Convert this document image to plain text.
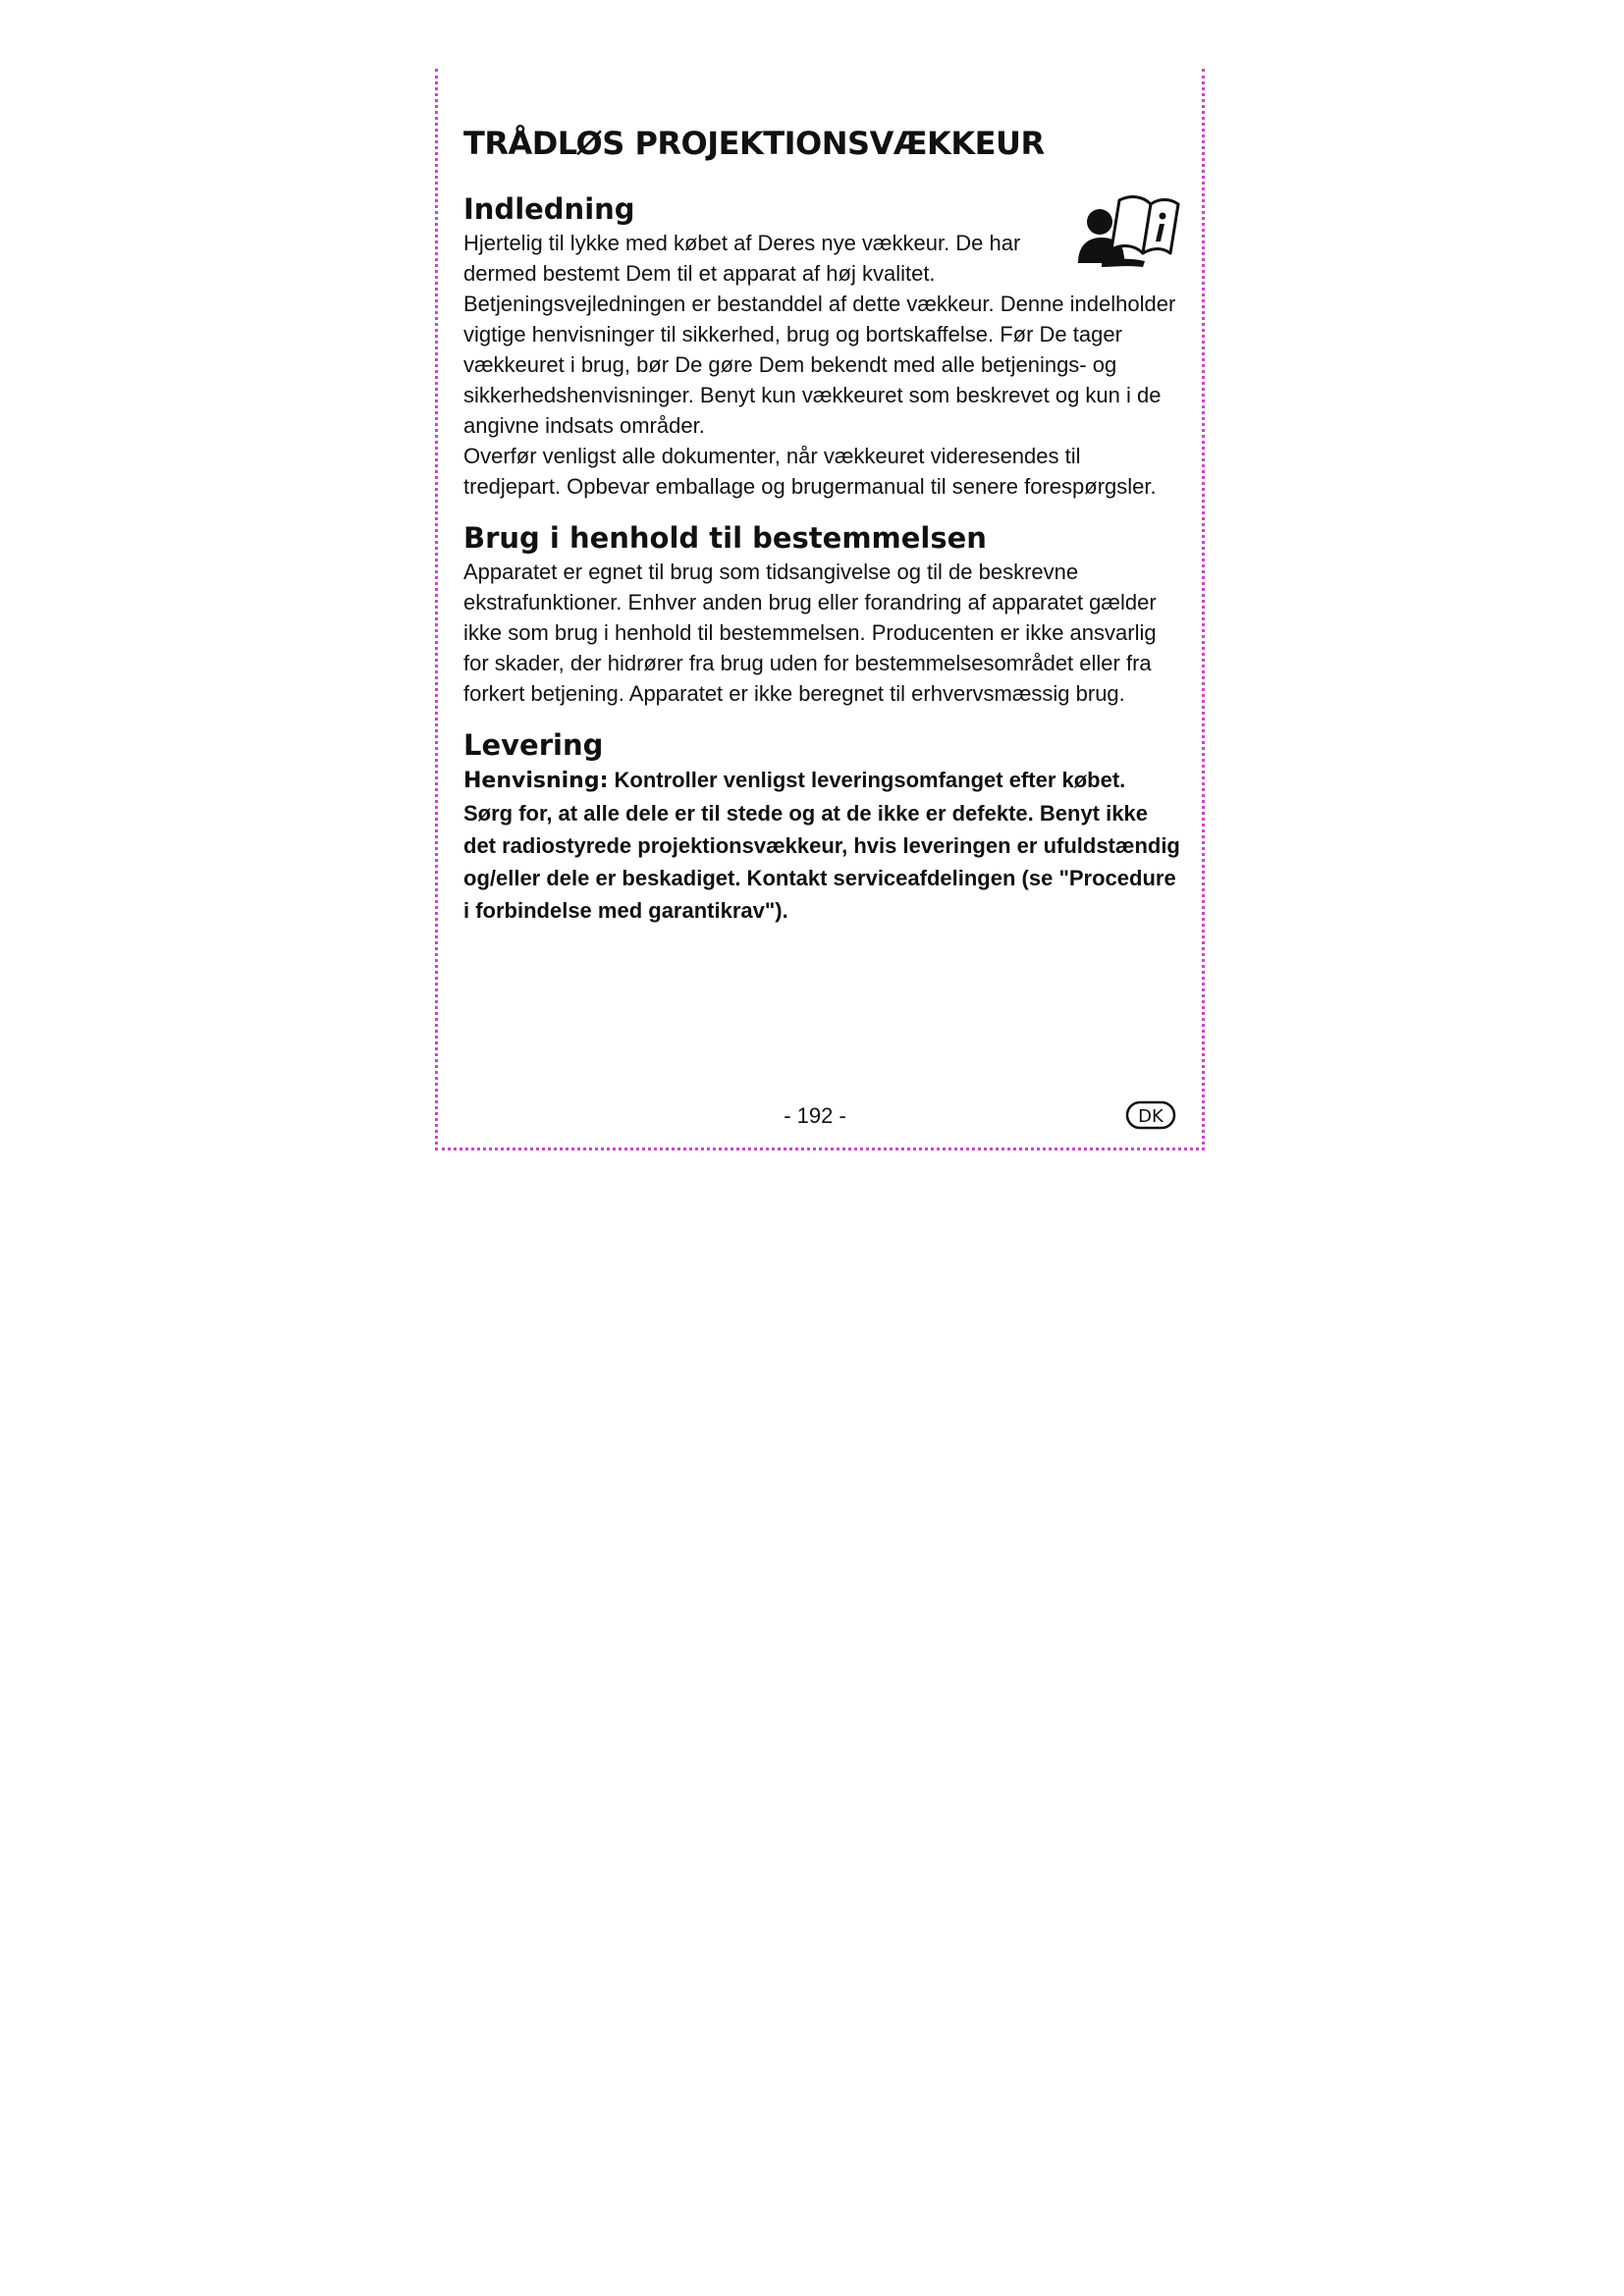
TRÅDLØS PROJEKTIONSVÆKKEUR
Indledning

Hjertelig til lykke med købet af Deres nye vækkeur. De har dermed bestemt Dem til et apparat af høj kvalitet.

Betjeningsvejledningen er bestanddel af dette vækkeur. Denne indelholder vigtige henvisninger til sikkerhed, brug og bortskaffelse. Før De tager vækkeuret i brug, bør De gøre Dem bekendt med alle betjenings- og sikkerhedshenvisninger. Benyt kun vækkeuret som beskrevet og kun i de angivne indsats områder.

Overfør venligst alle dokumenter, når vækkeuret videresendes til tredjepart. Opbevar emballage og brugermanual til senere forespørgsler.

Brug i henhold til bestemmelsen

Apparatet er egnet til brug som tidsangivelse og til de beskrevne ekstrafunktioner. Enhver anden brug eller forandring af apparatet gælder ikke som brug i henhold til bestemmelsen. Producenten er ikke ansvarlig for skader, der hidrører fra brug uden for bestemmelsesområdet eller fra forkert betjening. Apparatet er ikke beregnet til erhvervsmæssig brug.

Levering

Henvisning: Kontroller venligst leveringsomfanget efter købet. Sørg for, at alle dele er til stede og at de ikke er defekte. Benyt ikke det radiostyrede projektionsvækkeur, hvis leveringen er ufuldstændig og/eller dele er beskadiget. Kontakt serviceafdelingen (se "Procedure i forbindelse med garantikrav").

- 192 -	DK
